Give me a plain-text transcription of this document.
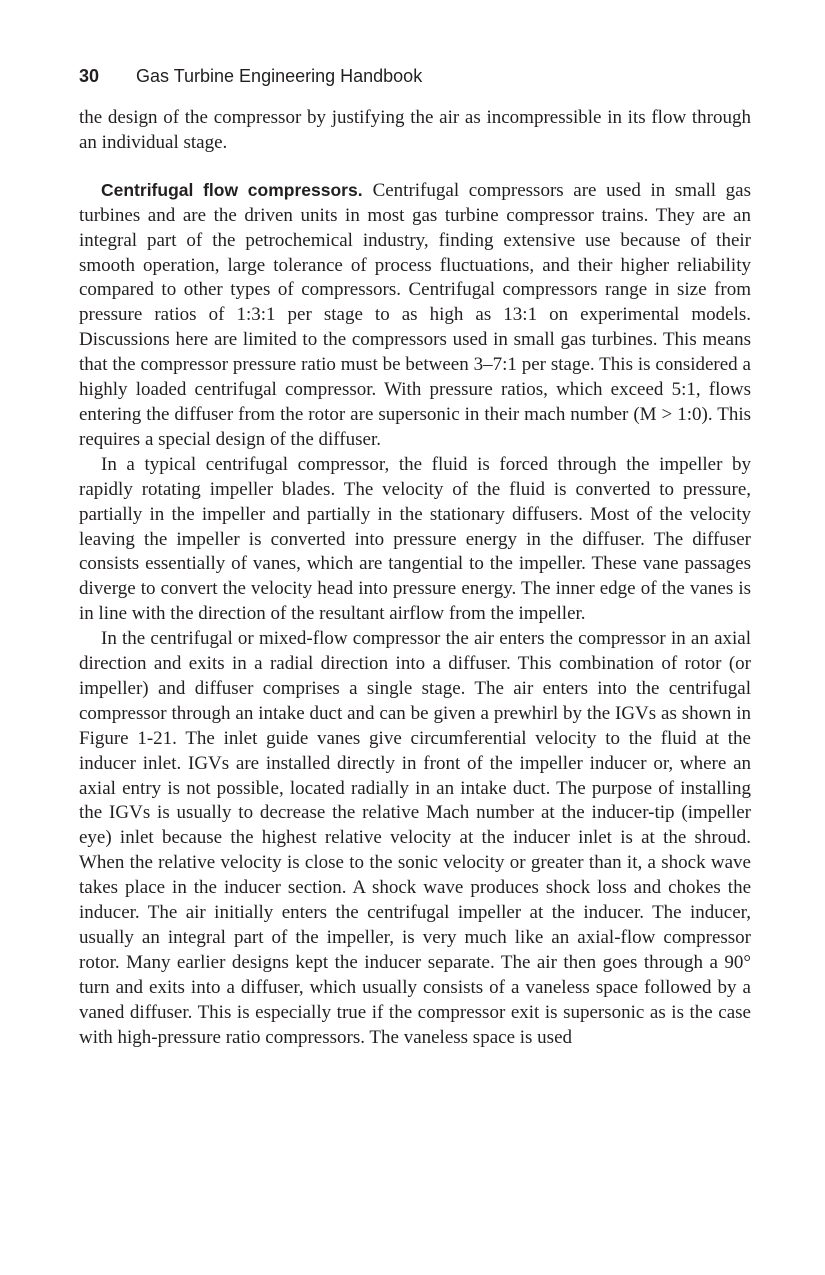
30 Gas Turbine Engineering Handbook

the design of the compressor by justifying the air as incompressible in its flow through an individual stage.

Centrifugal flow compressors. Centrifugal compressors are used in small gas turbines and are the driven units in most gas turbine compressor trains. They are an integral part of the petrochemical industry, finding extensive use because of their smooth operation, large tolerance of process fluctuations, and their higher reliability compared to other types of compressors. Centrifugal compressors range in size from pressure ratios of 1:3:1 per stage to as high as 13:1 on experimental models. Discussions here are limited to the compressors used in small gas turbines. This means that the compressor pressure ratio must be between 3–7:1 per stage. This is considered a highly loaded centrifugal compressor. With pressure ratios, which exceed 5:1, flows entering the diffuser from the rotor are supersonic in their mach number (M > 1:0). This requires a special design of the diffuser.

In a typical centrifugal compressor, the fluid is forced through the impeller by rapidly rotating impeller blades. The velocity of the fluid is converted to pressure, partially in the impeller and partially in the stationary diffusers. Most of the velocity leaving the impeller is converted into pressure energy in the diffuser. The diffuser consists essentially of vanes, which are tangential to the impeller. These vane passages diverge to convert the velocity head into pressure energy. The inner edge of the vanes is in line with the direction of the resultant airflow from the impeller.

In the centrifugal or mixed-flow compressor the air enters the compressor in an axial direction and exits in a radial direction into a diffuser. This combination of rotor (or impeller) and diffuser comprises a single stage. The air enters into the centrifugal compressor through an intake duct and can be given a prewhirl by the IGVs as shown in Figure 1-21. The inlet guide vanes give circumferential velocity to the fluid at the inducer inlet. IGVs are installed directly in front of the impeller inducer or, where an axial entry is not possible, located radially in an intake duct. The purpose of installing the IGVs is usually to decrease the relative Mach number at the inducer-tip (impeller eye) inlet because the highest relative velocity at the inducer inlet is at the shroud. When the relative velocity is close to the sonic velocity or greater than it, a shock wave takes place in the inducer section. A shock wave produces shock loss and chokes the inducer. The air initially enters the centrifugal impeller at the inducer. The inducer, usually an integral part of the impeller, is very much like an axial-flow compressor rotor. Many earlier designs kept the inducer separate. The air then goes through a 90° turn and exits into a diffuser, which usually consists of a vaneless space followed by a vaned diffuser. This is especially true if the compressor exit is supersonic as is the case with high-pressure ratio compressors. The vaneless space is used
